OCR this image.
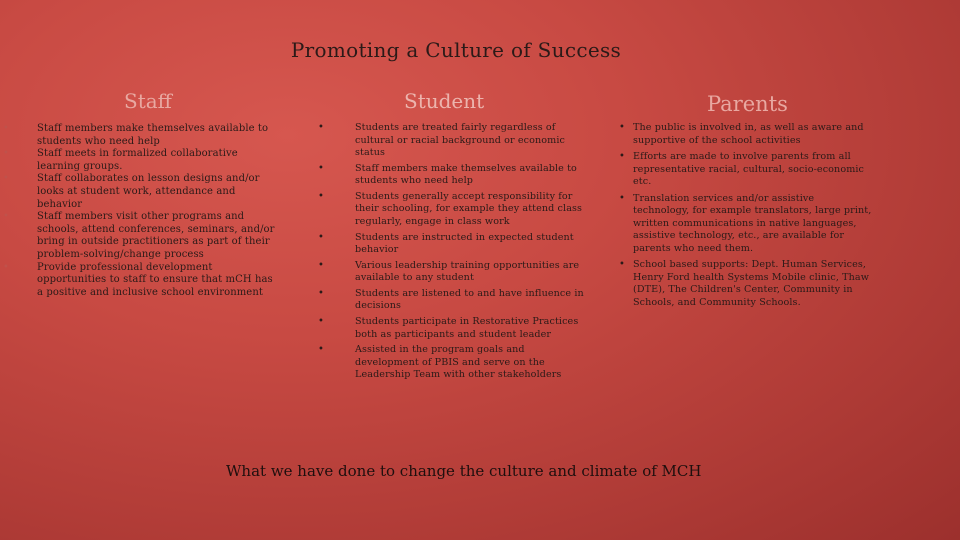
Promoting a Culture of Success
Staff	Student	Parents
•	Staff members make themselves available to students who need help
•	Staff meets in formalized collaborative learning groups.
•	Staff collaborates on lesson designs and/or looks at student work, attendance and behavior
•	Staff members visit other programs and schools, attend conferences, seminars, and/or bring in outside practitioners as part of their problem-solving/change process
•	Provide professional development opportunities to staff to ensure that mCH has a positive and inclusive school environment
•	Students are treated fairly regardless of cultural or racial background or economic status
•	Staff members make themselves available to students who need help
•	Students generally accept responsibility for their schooling, for example they attend class regularly, engage in class work
•	Students are instructed in expected student behavior
•	Various leadership training opportunities are available to any student
•	Students are listened to and have influence in decisions
•	Students participate in Restorative Practices both as participants and student leader
•	Assisted in the program goals and development of PBIS and serve on the Leadership Team with other stakeholders
• The public is involved in, as well as aware and supportive of the school activities
• Efforts are made to involve parents from all representative racial, cultural, socio-economic etc.
• Translation services and/or assistive technology, for example translators, large print, written communications in native languages, assistive technology, etc., are available for parents who need them.
• School based supports: Dept. Human Services, Henry Ford health Systems Mobile clinic, Thaw (DTE), The Children's Center, Community in Schools, and Community Schools.
What we have done to change the culture and climate of MCH
